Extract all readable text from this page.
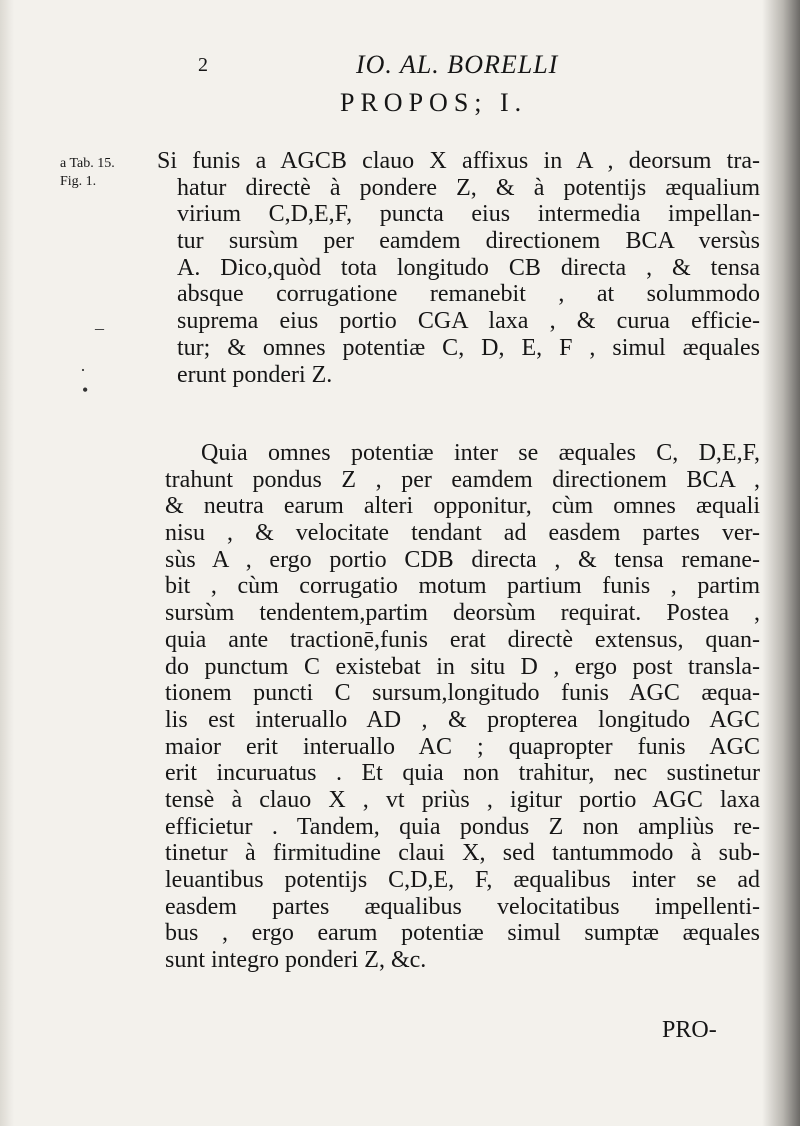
–
·
•
2	IO. AL. BORELLI
PROPOS; I.
a Tab. 15.
Fig. 1.
Si funis a AGCB clauo X affixus in A , deorsum tra-
hatur directè à pondere Z, & à potentijs æqualium
virium C,D,E,F, puncta eius intermedia impellan-
tur sursùm per eamdem directionem BCA versùs
A. Dico,quòd tota longitudo CB directa , & tensa
absque corrugatione remanebit , at solummodo
suprema eius portio CGA laxa , & curua efficie-
tur; & omnes potentiæ C, D, E, F , simul æquales
erunt ponderi Z.
Quia omnes potentiæ inter se æquales C, D,E,F,
trahunt pondus Z , per eamdem directionem BCA ,
& neutra earum alteri opponitur, cùm omnes æquali
nisu , & velocitate tendant ad easdem partes ver-
sùs A , ergo portio CDB directa , & tensa remane-
bit , cùm corrugatio motum partium funis , partim
sursùm tendentem,partim deorsùm requirat. Postea ,
quia ante tractionē,funis erat directè extensus, quan-
do punctum C existebat in situ D , ergo post translа-
tionem puncti C sursum,longitudo funis AGC æqua-
lis est interuallo AD , & propterea longitudo AGC
maior erit interuallo AC ; quapropter funis AGC
erit incuruatus . Et quia non trahitur, nec sustinetur
tensè à clauo X , vt priùs , igitur portio AGC laxa
efficietur . Tandem, quia pondus Z non ampliùs re-
tinetur à firmitudine claui X, sed tantummodo à sub-
leuantibus potentijs C,D,E, F, æqualibus inter se ad
easdem partes æqualibus velocitatibus impellenti-
bus , ergo earum potentiæ simul sumptæ æquales
sunt integro ponderi Z, &c.
PRO-
